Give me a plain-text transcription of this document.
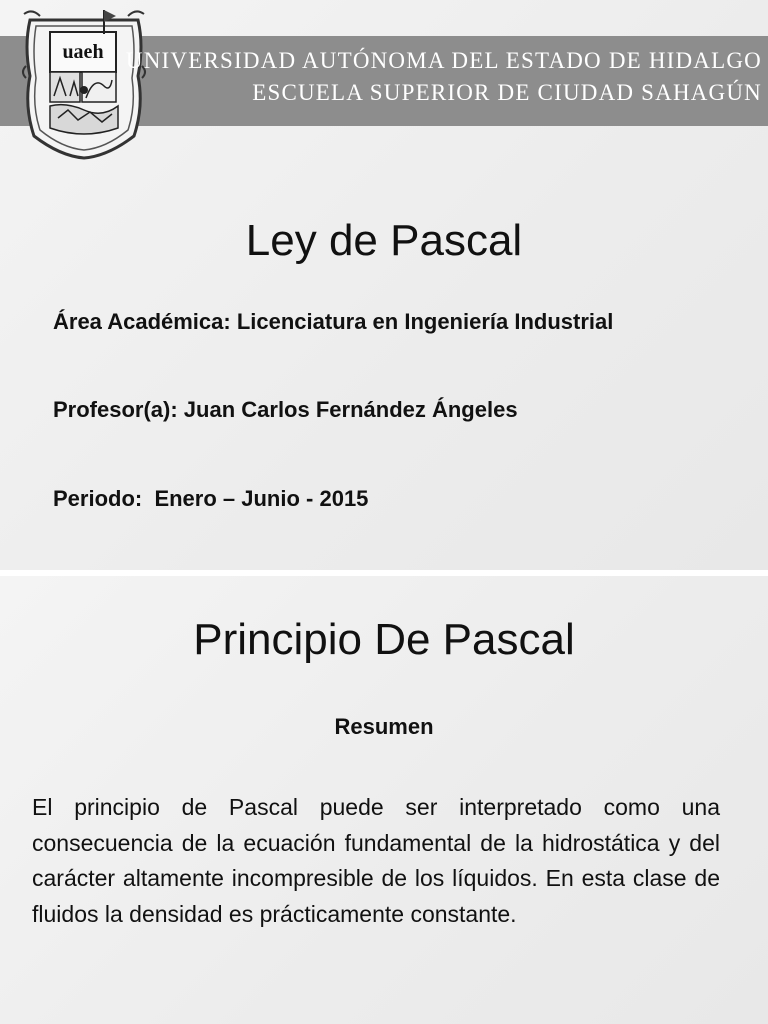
uaeh UNIVERSIDAD AUTÓNOMA DEL ESTADO DE HIDALGO
ESCUELA SUPERIOR DE CIUDAD SAHAGÚN
Ley de Pascal
Área Académica: Licenciatura en Ingeniería Industrial
Profesor(a): Juan Carlos Fernández Ángeles
Periodo:  Enero – Junio - 2015
Principio De Pascal
Resumen
El principio de Pascal puede ser interpretado como una consecuencia de la ecuación fundamental de la hidrostática y del carácter altamente incompresible de los líquidos. En esta clase de fluidos la densidad es prácticamente constante.
